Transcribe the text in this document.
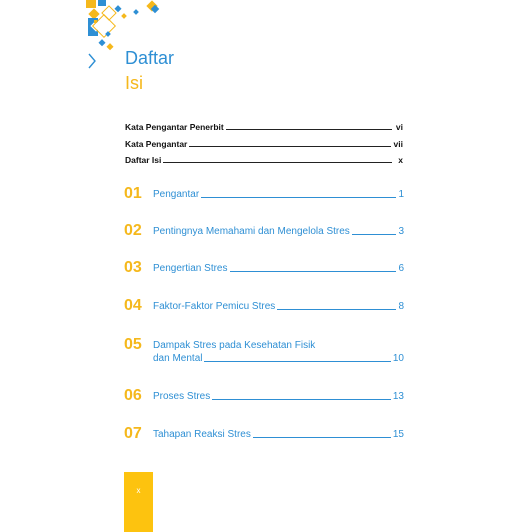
Daftar
Isi
Kata Pengantar Penerbit	vi
Kata Pengantar	vii
Daftar Isi	x
01 Pengantar	1
02 Pentingnya Memahami dan Mengelola Stres	3
03 Pengertian Stres	6
04 Faktor-Faktor Pemicu Stres	8
05 Dampak Stres pada Kesehatan Fisik
dan Mental	10
06 Proses Stres	13
07 Tahapan Reaksi Stres	15
x
